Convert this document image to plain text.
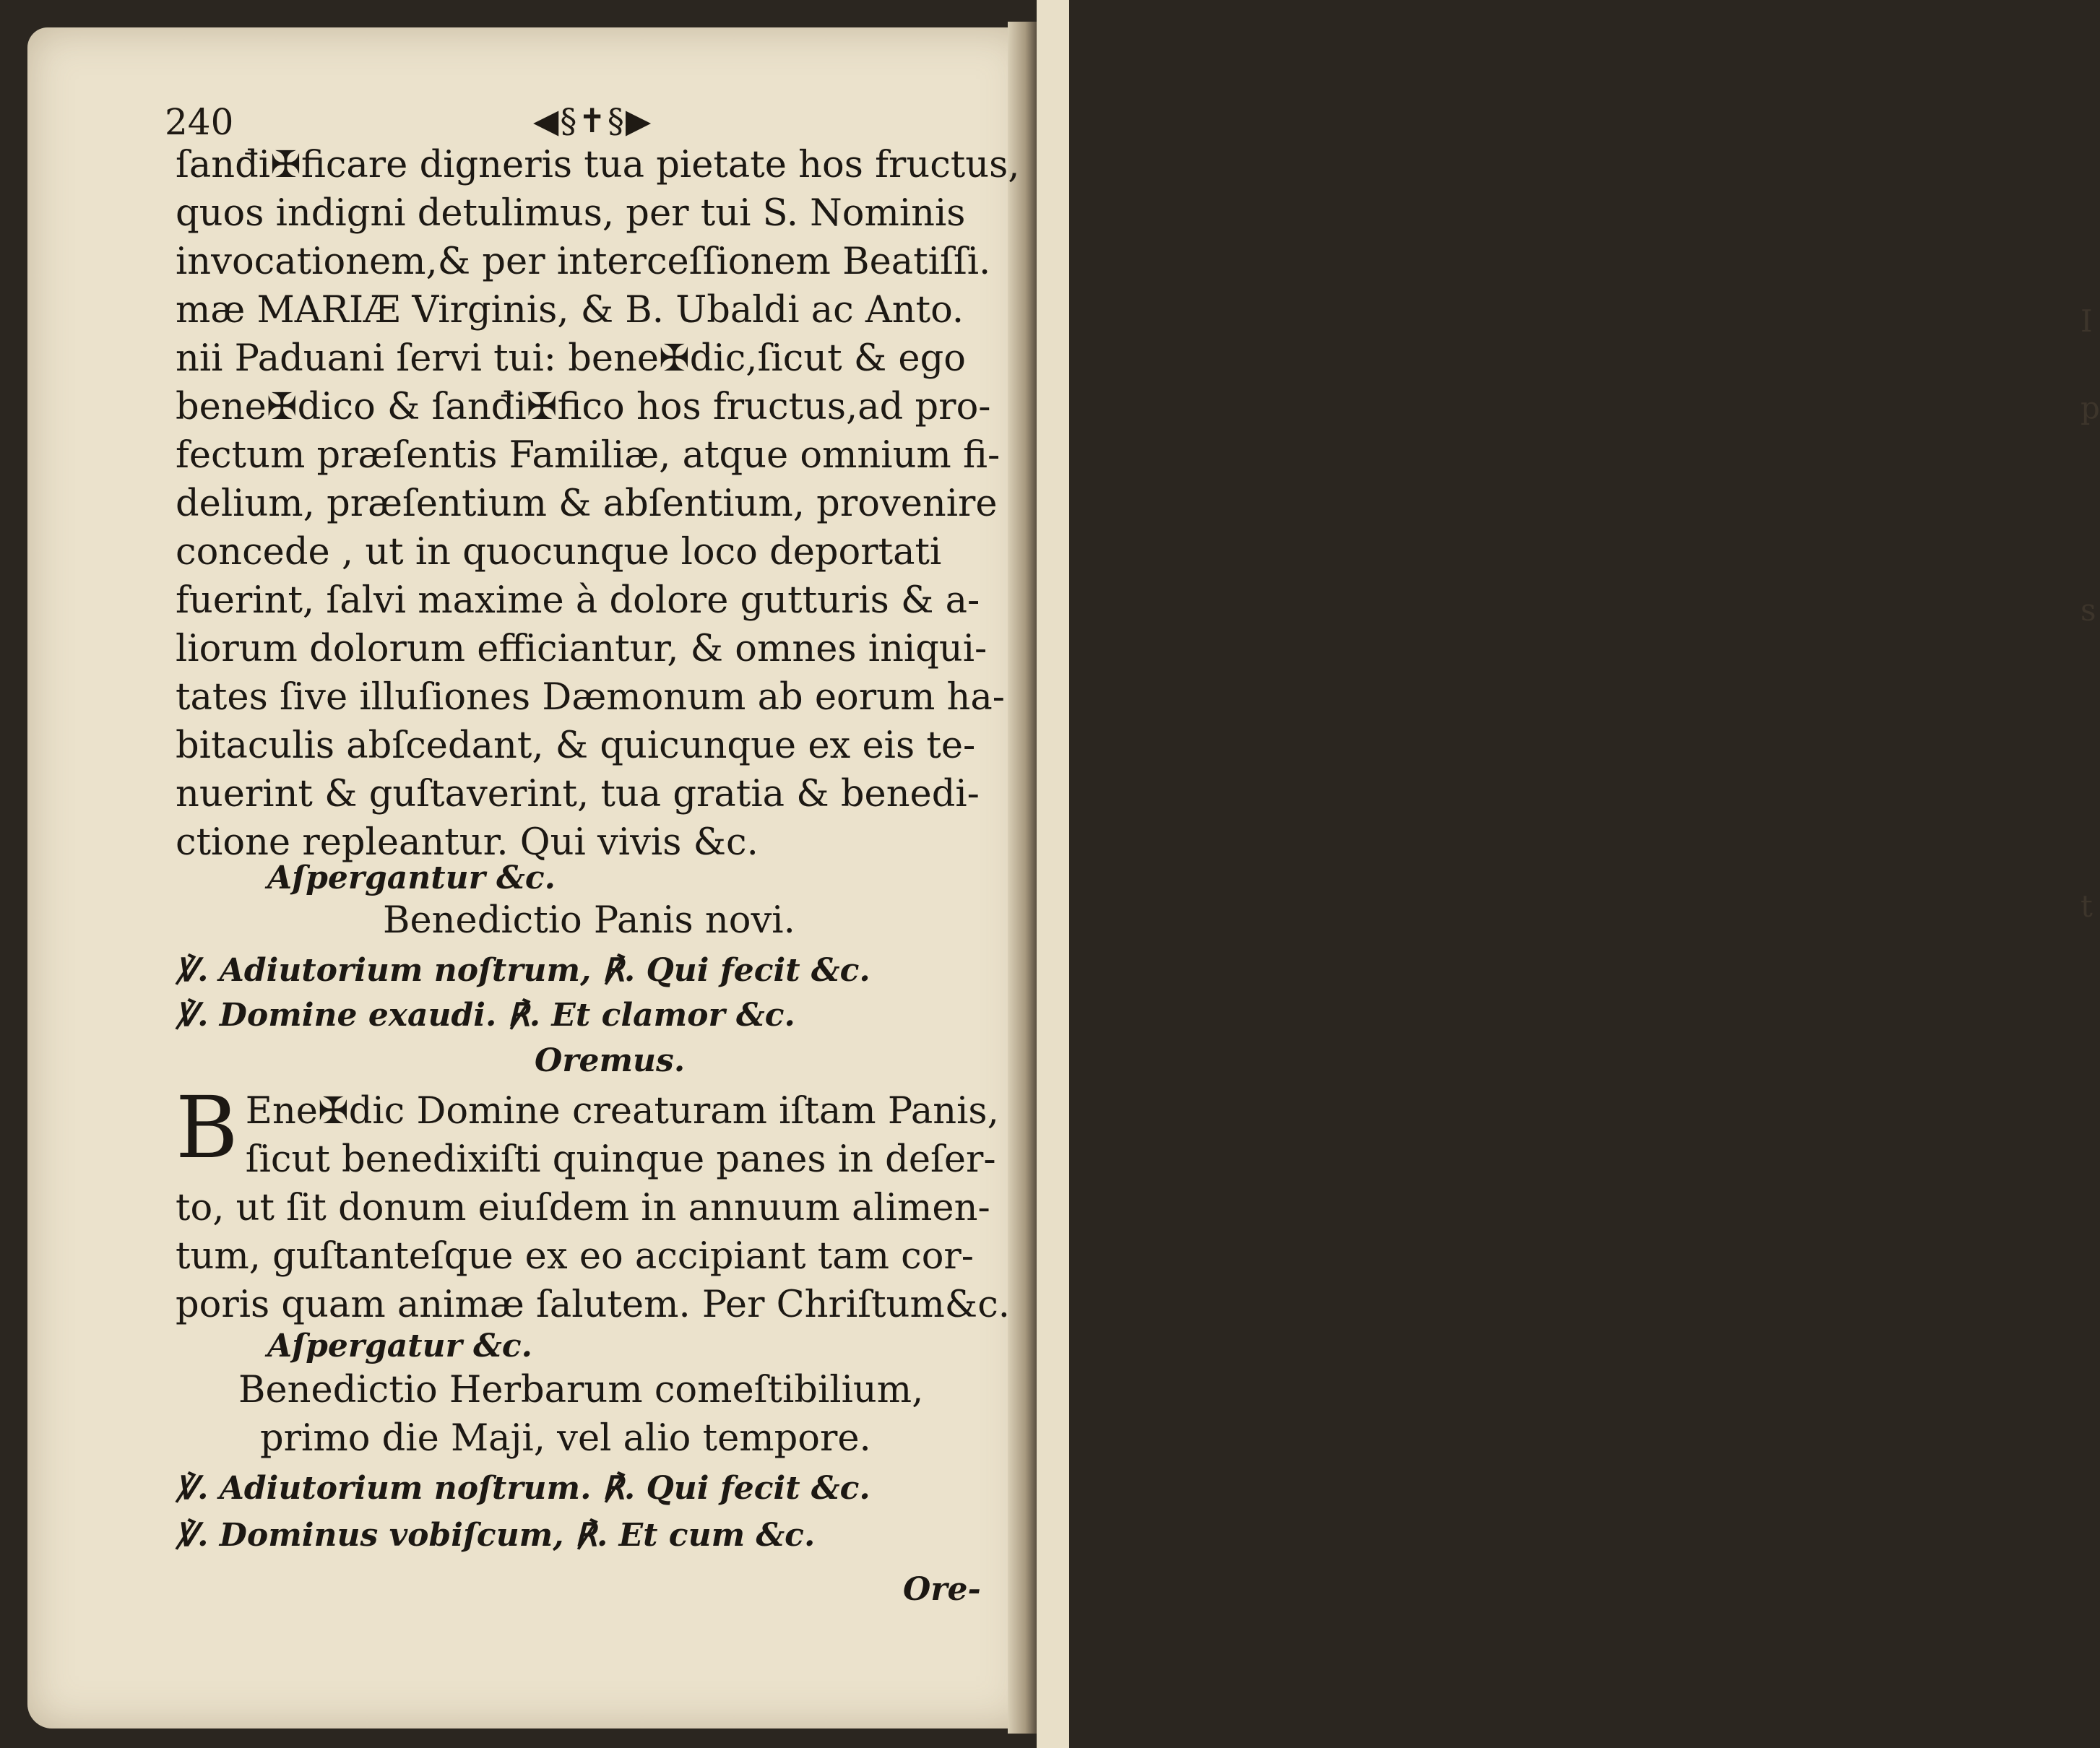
I
p
s
t
240	◀§✝§▶
ſanđi✠ficare digneris tua pietate hos fructus,
quos indigni detulimus, per tui S. Nominis
invocationem,& per interceſſionem Beatiſſi.
mæ MARIÆ Virginis, & B. Ubaldi ac Anto.
nii Paduani ſervi tui: bene✠dic,ſicut & ego
bene✠dico & ſanđi✠fico hos fructus,ad pro-
fectum præſentis Familiæ, atque omnium fi-
delium, præſentium & abſentium, provenire
concede , ut in quocunque loco deportati
fuerint, ſalvi maxime à dolore gutturis & a-
liorum dolorum efficiantur, & omnes iniqui-
tates ſive illuſiones Dæmonum ab eorum ha-
bitaculis abſcedant, & quicunque ex eis te-
nuerint & guſtaverint, tua gratia & benedi-
ctione repleantur. Qui vivis &c.
Aſpergantur &c.
Benedictio Panis novi.
℣. Adiutorium noſtrum, ℟. Qui fecit &c.
℣. Domine exaudi. ℟. Et clamor &c.
Oremus.
B Ene✠dic Domine creaturam iſtam Panis,
ſicut benedixiſti quinque panes in deſer-
to, ut ſit donum eiuſdem in annuum alimen-
tum, guſtanteſque ex eo accipiant tam cor-
poris quam animæ ſalutem. Per Chriſtum&c.
Aſpergatur &c.
Benedictio Herbarum comeſtibilium,
primo die Maji, vel alio tempore.
℣. Adiutorium noſtrum. ℟. Qui fecit &c.
℣. Dominus vobiſcum, ℟. Et cum &c.
Ore-
